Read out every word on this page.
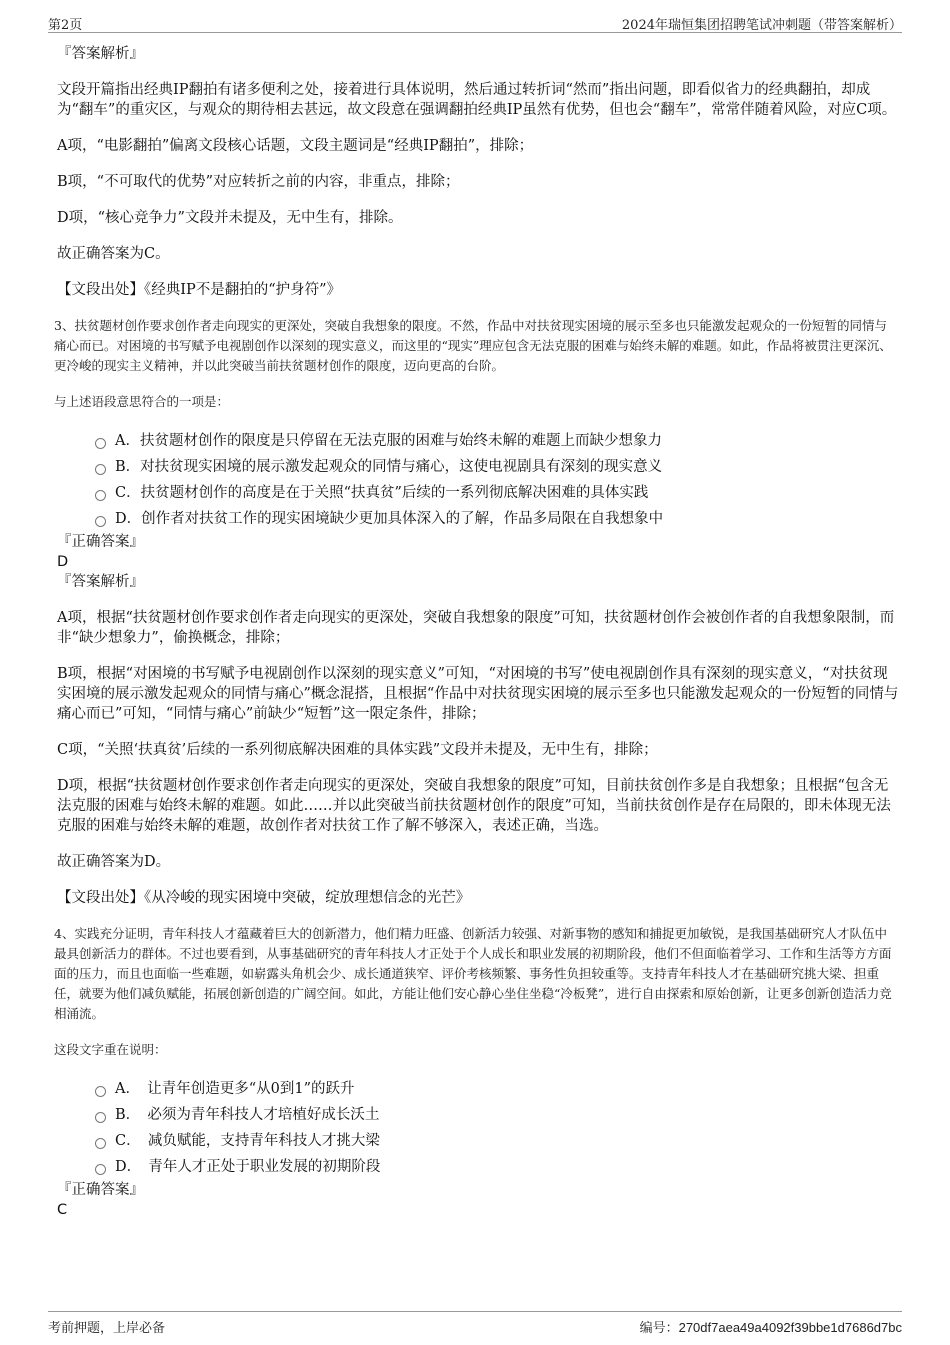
第2页	2024年瑞恒集团招聘笔试冲刺题（带答案解析）

『答案解析』

文段开篇指出经典IP翻拍有诸多便利之处，接着进行具体说明，然后通过转折词“然而”指出问题，即看似省力的经典翻拍，却成为“翻车”的重灾区，与观众的期待相去甚远，故文段意在强调翻拍经典IP虽然有优势，但也会“翻车”，常常伴随着风险，对应C项。

A项，“电影翻拍”偏离文段核心话题，文段主题词是“经典IP翻拍”，排除；

B项，“不可取代的优势”对应转折之前的内容，非重点，排除；

D项，“核心竞争力”文段并未提及，无中生有，排除。

故正确答案为C。

【文段出处】《经典IP不是翻拍的“护身符”》

3、扶贫题材创作要求创作者走向现实的更深处，突破自我想象的限度。不然，作品中对扶贫现实困境的展示至多也只能激发起观众的一份短暂的同情与痛心而已。对困境的书写赋予电视剧创作以深刻的现实意义，而这里的“现实”理应包含无法克服的困难与始终未解的难题。如此，作品将被贯注更深沉、更冷峻的现实主义精神，并以此突破当前扶贫题材创作的限度，迈向更高的台阶。

与上述语段意思符合的一项是：

A．扶贫题材创作的限度是只停留在无法克服的困难与始终未解的难题上而缺少想象力
B．对扶贫现实困境的展示激发起观众的同情与痛心，这使电视剧具有深刻的现实意义
C．扶贫题材创作的高度是在于关照“扶真贫”后续的一系列彻底解决困难的具体实践
D．创作者对扶贫工作的现实困境缺少更加具体深入的了解，作品多局限在自我想象中

『正确答案』

D

『答案解析』

A项，根据“扶贫题材创作要求创作者走向现实的更深处，突破自我想象的限度”可知，扶贫题材创作会被创作者的自我想象限制，而非“缺少想象力”，偷换概念，排除；

B项，根据“对困境的书写赋予电视剧创作以深刻的现实意义”可知，“对困境的书写”使电视剧创作具有深刻的现实意义，“对扶贫现实困境的展示激发起观众的同情与痛心”概念混搭，且根据“作品中对扶贫现实困境的展示至多也只能激发起观众的一份短暂的同情与痛心而已”可知，“同情与痛心”前缺少“短暂”这一限定条件，排除；

C项，“关照‘扶真贫’后续的一系列彻底解决困难的具体实践”文段并未提及，无中生有，排除；

D项，根据“扶贫题材创作要求创作者走向现实的更深处，突破自我想象的限度”可知，目前扶贫创作多是自我想象；且根据“包含无法克服的困难与始终未解的难题。如此……并以此突破当前扶贫题材创作的限度”可知，当前扶贫创作是存在局限的，即未体现无法克服的困难与始终未解的难题，故创作者对扶贫工作了解不够深入，表述正确，当选。

故正确答案为D。

【文段出处】《从冷峻的现实困境中突破，绽放理想信念的光芒》

4、实践充分证明，青年科技人才蕴藏着巨大的创新潜力，他们精力旺盛、创新活力较强、对新事物的感知和捕捉更加敏锐，是我国基础研究人才队伍中最具创新活力的群体。不过也要看到，从事基础研究的青年科技人才正处于个人成长和职业发展的初期阶段，他们不但面临着学习、工作和生活等方方面面的压力，而且也面临一些难题，如崭露头角机会少、成长通道狭窄、评价考核频繁、事务性负担较重等。支持青年科技人才在基础研究挑大梁、担重任，就要为他们减负赋能，拓展创新创造的广阔空间。如此，方能让他们安心静心坐住坐稳“冷板凳”，进行自由探索和原始创新，让更多创新创造活力竞相涌流。

这段文字重在说明：

A．　让青年创造更多“从0到1”的跃升
B．　必须为青年科技人才培植好成长沃土
C．　减负赋能，支持青年科技人才挑大梁
D．　青年人才正处于职业发展的初期阶段

『正确答案』

C

考前押题，上岸必备	编号：270df7aea49a4092f39bbe1d7686d7bc
